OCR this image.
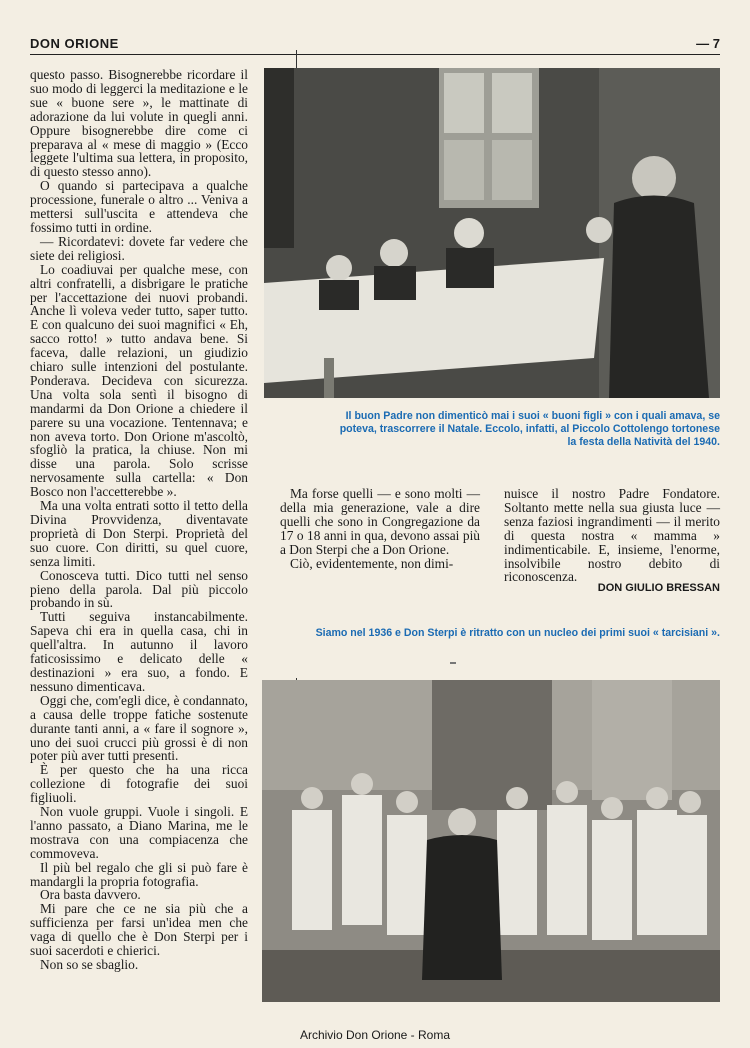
DON ORIONE	— 7

questo passo. Bisognerebbe ricordare il suo modo di leggerci la meditazione e le sue « buone sere », le mattinate di adorazione da lui volute in quegli anni. Oppure bisognerebbe dire come ci preparava al « mese di maggio » (Ecco leggete l'ultima sua lettera, in proposito, di questo stesso anno).

O quando si partecipava a qualche processione, funerale o altro ... Veniva a mettersi sull'uscita e attendeva che fossimo tutti in ordine.

— Ricordatevi: dovete far vedere che siete dei religiosi.

Lo coadiuvai per qualche mese, con altri confratelli, a disbrigare le pratiche per l'accettazione dei nuovi probandi. Anche lì voleva veder tutto, saper tutto. E con qualcuno dei suoi magnifici « Eh, sacco rotto! » tutto andava bene. Si faceva, dalle relazioni, un giudizio chiaro sulle intenzioni del postulante. Ponderava. Decideva con sicurezza. Una volta sola sentì il bisogno di mandarmi da Don Orione a chiedere il parere su una vocazione. Tentennava; e non aveva torto. Don Orione m'ascoltò, sfogliò la pratica, la chiuse. Non mi disse una parola. Solo scrisse nervosamente sulla cartella: « Don Bosco non l'accetterebbe ».

Ma una volta entrati sotto il tetto della Divina Provvidenza, diventavate proprietà di Don Sterpi. Proprietà del suo cuore. Con diritti, su quel cuore, senza limiti.

Conosceva tutti. Dico tutti nel senso pieno della parola. Dal più piccolo probando in sù.

Tutti seguiva instancabilmente. Sapeva chi era in quella casa, chi in quell'altra. In autunno il lavoro faticosissimo e delicato delle « destinazioni » era suo, a fondo. E nessuno dimenticava.

Oggi che, com'egli dice, è condannato, a causa delle troppe fatiche sostenute durante tanti anni, a « fare il sognore », uno dei suoi crucci più grossi è di non poter più aver tutti presenti.

È per questo che ha una ricca collezione di fotografie dei suoi figliuoli.

Non vuole gruppi. Vuole i singoli. E l'anno passato, a Diano Marina, me le mostrava con una compiacenza che commoveva.

Il più bel regalo che gli si può fare è mandargli la propria fotografia.

Ora basta davvero.

Mi pare che ce ne sia più che a sufficienza per farsi un'idea men che vaga di quello che è Don Sterpi per i suoi sacerdoti e chierici.

Non so se sbaglio.

Il buon Padre non dimenticò mai i suoi « buoni figli » con i quali amava, se poteva, trascorrere il Natale. Eccolo, infatti, al Piccolo Cottolengo tortonese la festa della Natività del 1940.

Ma forse quelli — e sono molti — della mia generazione, vale a dire quelli che sono in Congregazione da 17 o 18 anni in qua, devono assai più a Don Sterpi che a Don Orione.

Ciò, evidentemente, non dimi-

nuisce il nostro Padre Fondatore. Soltanto mette nella sua giusta luce — senza faziosi ingrandimenti — il merito di questa nostra « mamma » indimenticabile. E, insieme, l'enorme, insolvibile nostro debito di riconoscenza.

DON GIULIO BRESSAN
Siamo nel 1936 e Don Sterpi è ritratto con un nucleo dei primi suoi « tarcisiani ».
Archivio Don Orione - Roma
